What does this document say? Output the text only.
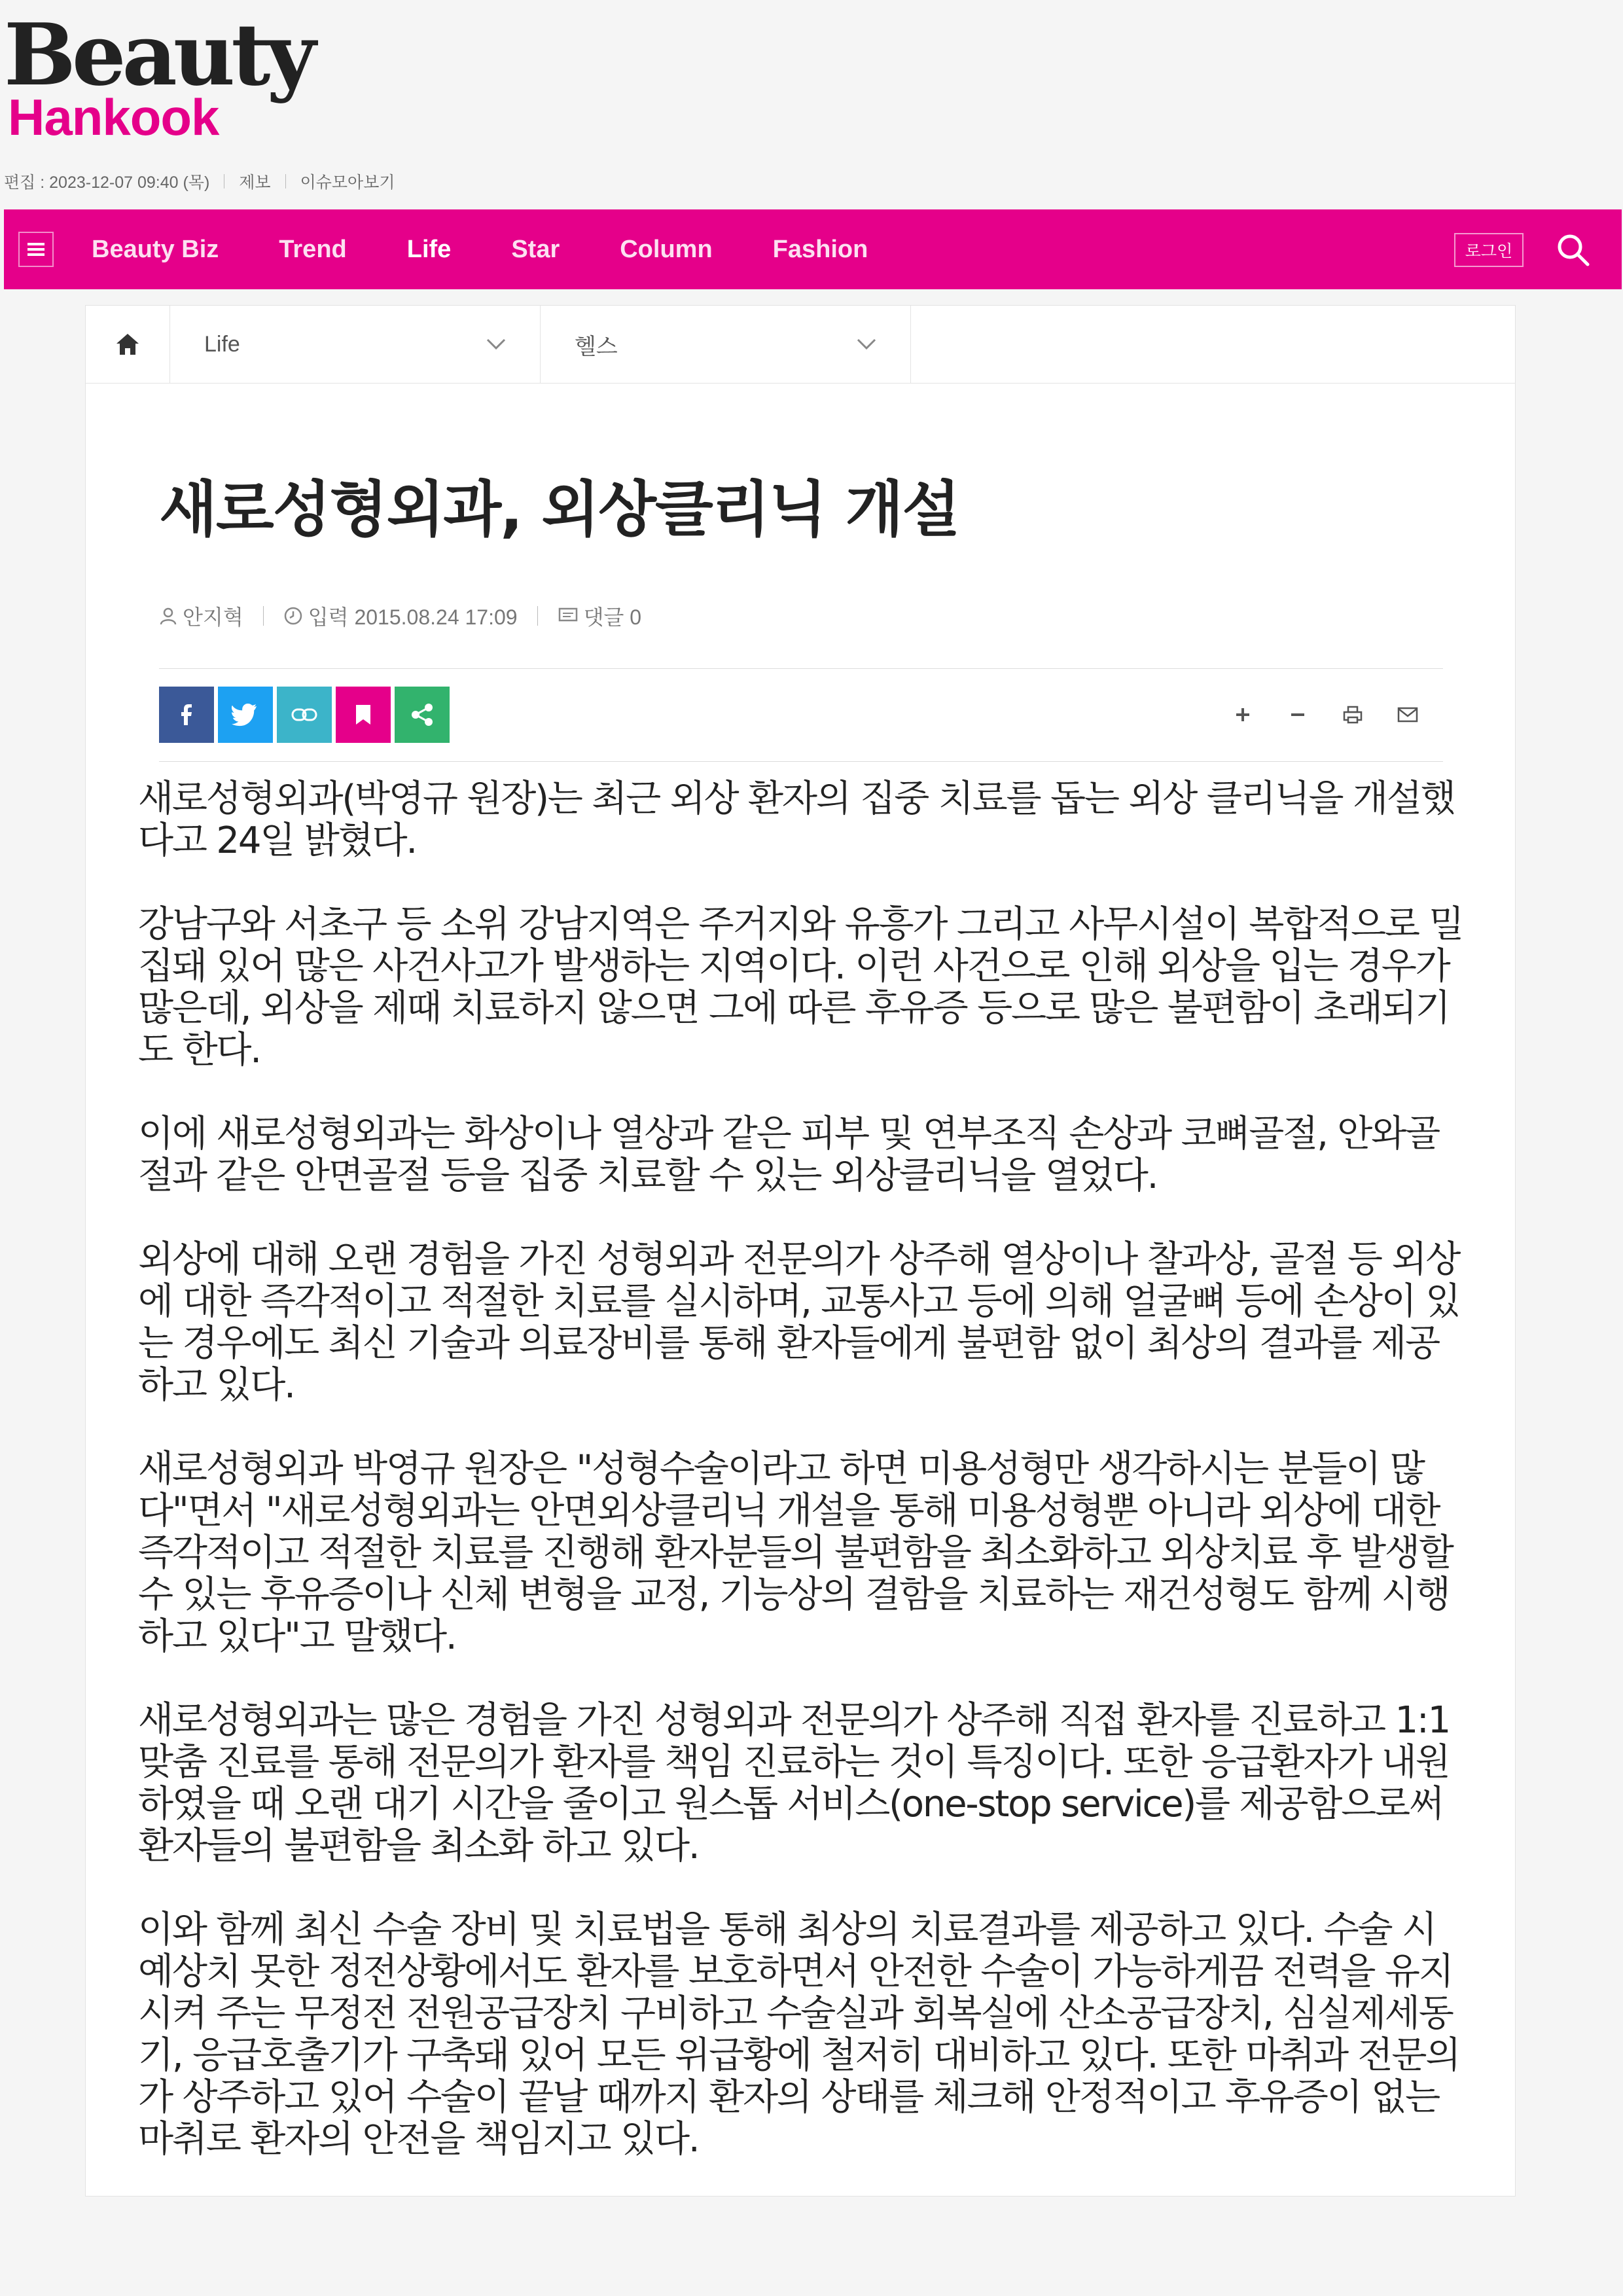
Beauty
Hankook
편집 : 2023-12-07 09:40 (목) 제보 이슈모아보기
Beauty Biz Trend Life Star Column Fashion	로그인
Life	헬스
새로성형외과, 외상클리닉 개설
안지혁	입력 2015.08.24 17:09	댓글 0

새로성형외과(박영규 원장)는 최근 외상 환자의 집중 치료를 돕는 외상 클리닉을 개설했다고 24일 밝혔다.

강남구와 서초구 등 소위 강남지역은 주거지와 유흥가 그리고 사무시설이 복합적으로 밀집돼 있어 많은 사건사고가 발생하는 지역이다. 이런 사건으로 인해 외상을 입는 경우가 많은데, 외상을 제때 치료하지 않으면 그에 따른 후유증 등으로 많은 불편함이 초래되기도 한다.

이에 새로성형외과는 화상이나 열상과 같은 피부 및 연부조직 손상과 코뼈골절, 안와골절과 같은 안면골절 등을 집중 치료할 수 있는 외상클리닉을 열었다.

외상에 대해 오랜 경험을 가진 성형외과 전문의가 상주해 열상이나 찰과상, 골절 등 외상에 대한 즉각적이고 적절한 치료를 실시하며, 교통사고 등에 의해 얼굴뼈 등에 손상이 있는 경우에도 최신 기술과 의료장비를 통해 환자들에게 불편함 없이 최상의 결과를 제공하고 있다.

새로성형외과 박영규 원장은 "성형수술이라고 하면 미용성형만 생각하시는 분들이 많다"면서 "새로성형외과는 안면외상클리닉 개설을 통해 미용성형뿐 아니라 외상에 대한 즉각적이고 적절한 치료를 진행해 환자분들의 불편함을 최소화하고 외상치료 후 발생할 수 있는 후유증이나 신체 변형을 교정, 기능상의 결함을 치료하는 재건성형도 함께 시행하고 있다"고 말했다.

새로성형외과는 많은 경험을 가진 성형외과 전문의가 상주해 직접 환자를 진료하고 1:1 맞춤 진료를 통해 전문의가 환자를 책임 진료하는 것이 특징이다. 또한 응급환자가 내원하였을 때 오랜 대기 시간을 줄이고 원스톱 서비스(one-stop service)를 제공함으로써 환자들의 불편함을 최소화 하고 있다.

이와 함께 최신 수술 장비 및 치료법을 통해 최상의 치료결과를 제공하고 있다. 수술 시 예상치 못한 정전상황에서도 환자를 보호하면서 안전한 수술이 가능하게끔 전력을 유지시켜 주는 무정전 전원공급장치 구비하고 수술실과 회복실에 산소공급장치, 심실제세동기, 응급호출기가 구축돼 있어 모든 위급황에 철저히 대비하고 있다. 또한 마취과 전문의가 상주하고 있어 수술이 끝날 때까지 환자의 상태를 체크해 안정적이고 후유증이 없는 마취로 환자의 안전을 책임지고 있다.
